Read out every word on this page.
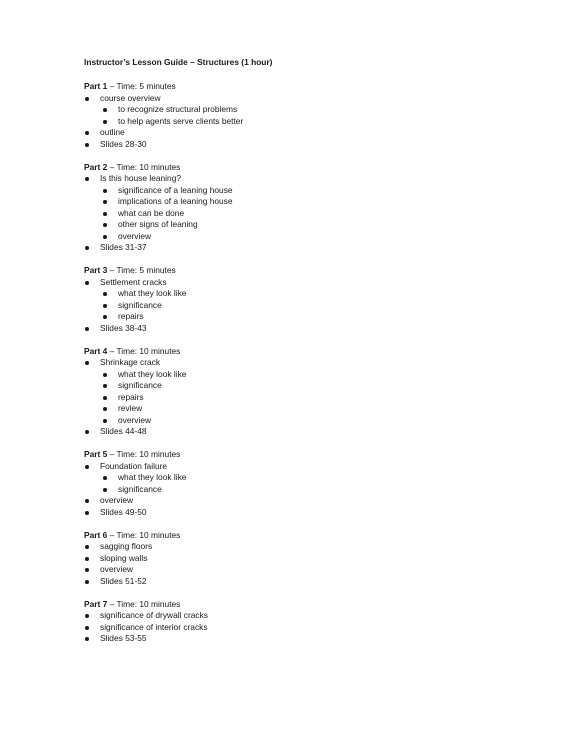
Instructor’s Lesson Guide – Structures (1 hour)
Part 1 – Time: 5 minutes
course overview
to recognize structural problems
to help agents serve clients better
outline
Slides 28-30
Part 2 – Time: 10 minutes
Is this house leaning?
significance of a leaning house
implications of a leaning house
what can be done
other signs of leaning
overview
Slides 31-37
Part 3 – Time: 5 minutes
Settlement cracks
what they look like
significance
repairs
Slides 38-43
Part 4 – Time: 10 minutes
Shrinkage crack
what they look like
significance
repairs
review
overview
Slides 44-48
Part 5 – Time: 10 minutes
Foundation failure
what they look like
significance
overview
Slides 49-50
Part 6 – Time: 10 minutes
sagging floors
sloping walls
overview
Slides 51-52
Part 7 – Time: 10 minutes
significance of drywall cracks
significance of interior cracks
Slides 53-55
